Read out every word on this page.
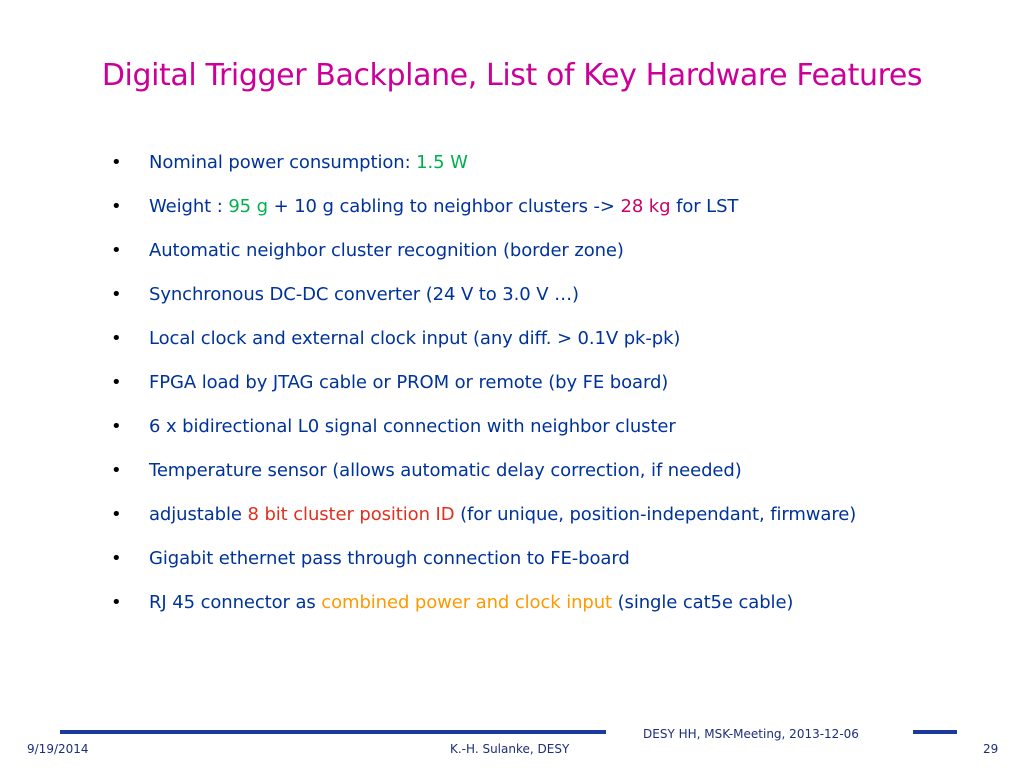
Digital Trigger Backplane, List of Key Hardware Features
• Nominal power consumption: 1.5 W
• Weight : 95 g + 10 g cabling to neighbor clusters -> 28 kg for LST
• Automatic neighbor cluster recognition (border zone)
• Synchronous DC-DC converter (24 V to 3.0 V …)
• Local clock and external clock input (any diff. > 0.1V pk-pk)
• FPGA load by JTAG cable or PROM or remote (by FE board)
• 6 x bidirectional L0 signal connection with neighbor cluster
• Temperature sensor (allows automatic delay correction, if needed)
• adjustable 8 bit cluster position ID (for unique, position-independant, firmware)
• Gigabit ethernet pass through connection to FE-board
• RJ 45 connector as combined power and clock input (single cat5e cable)
DESY HH, MSK-Meeting, 2013-12-06
9/19/2014	K.-H. Sulanke, DESY	29
